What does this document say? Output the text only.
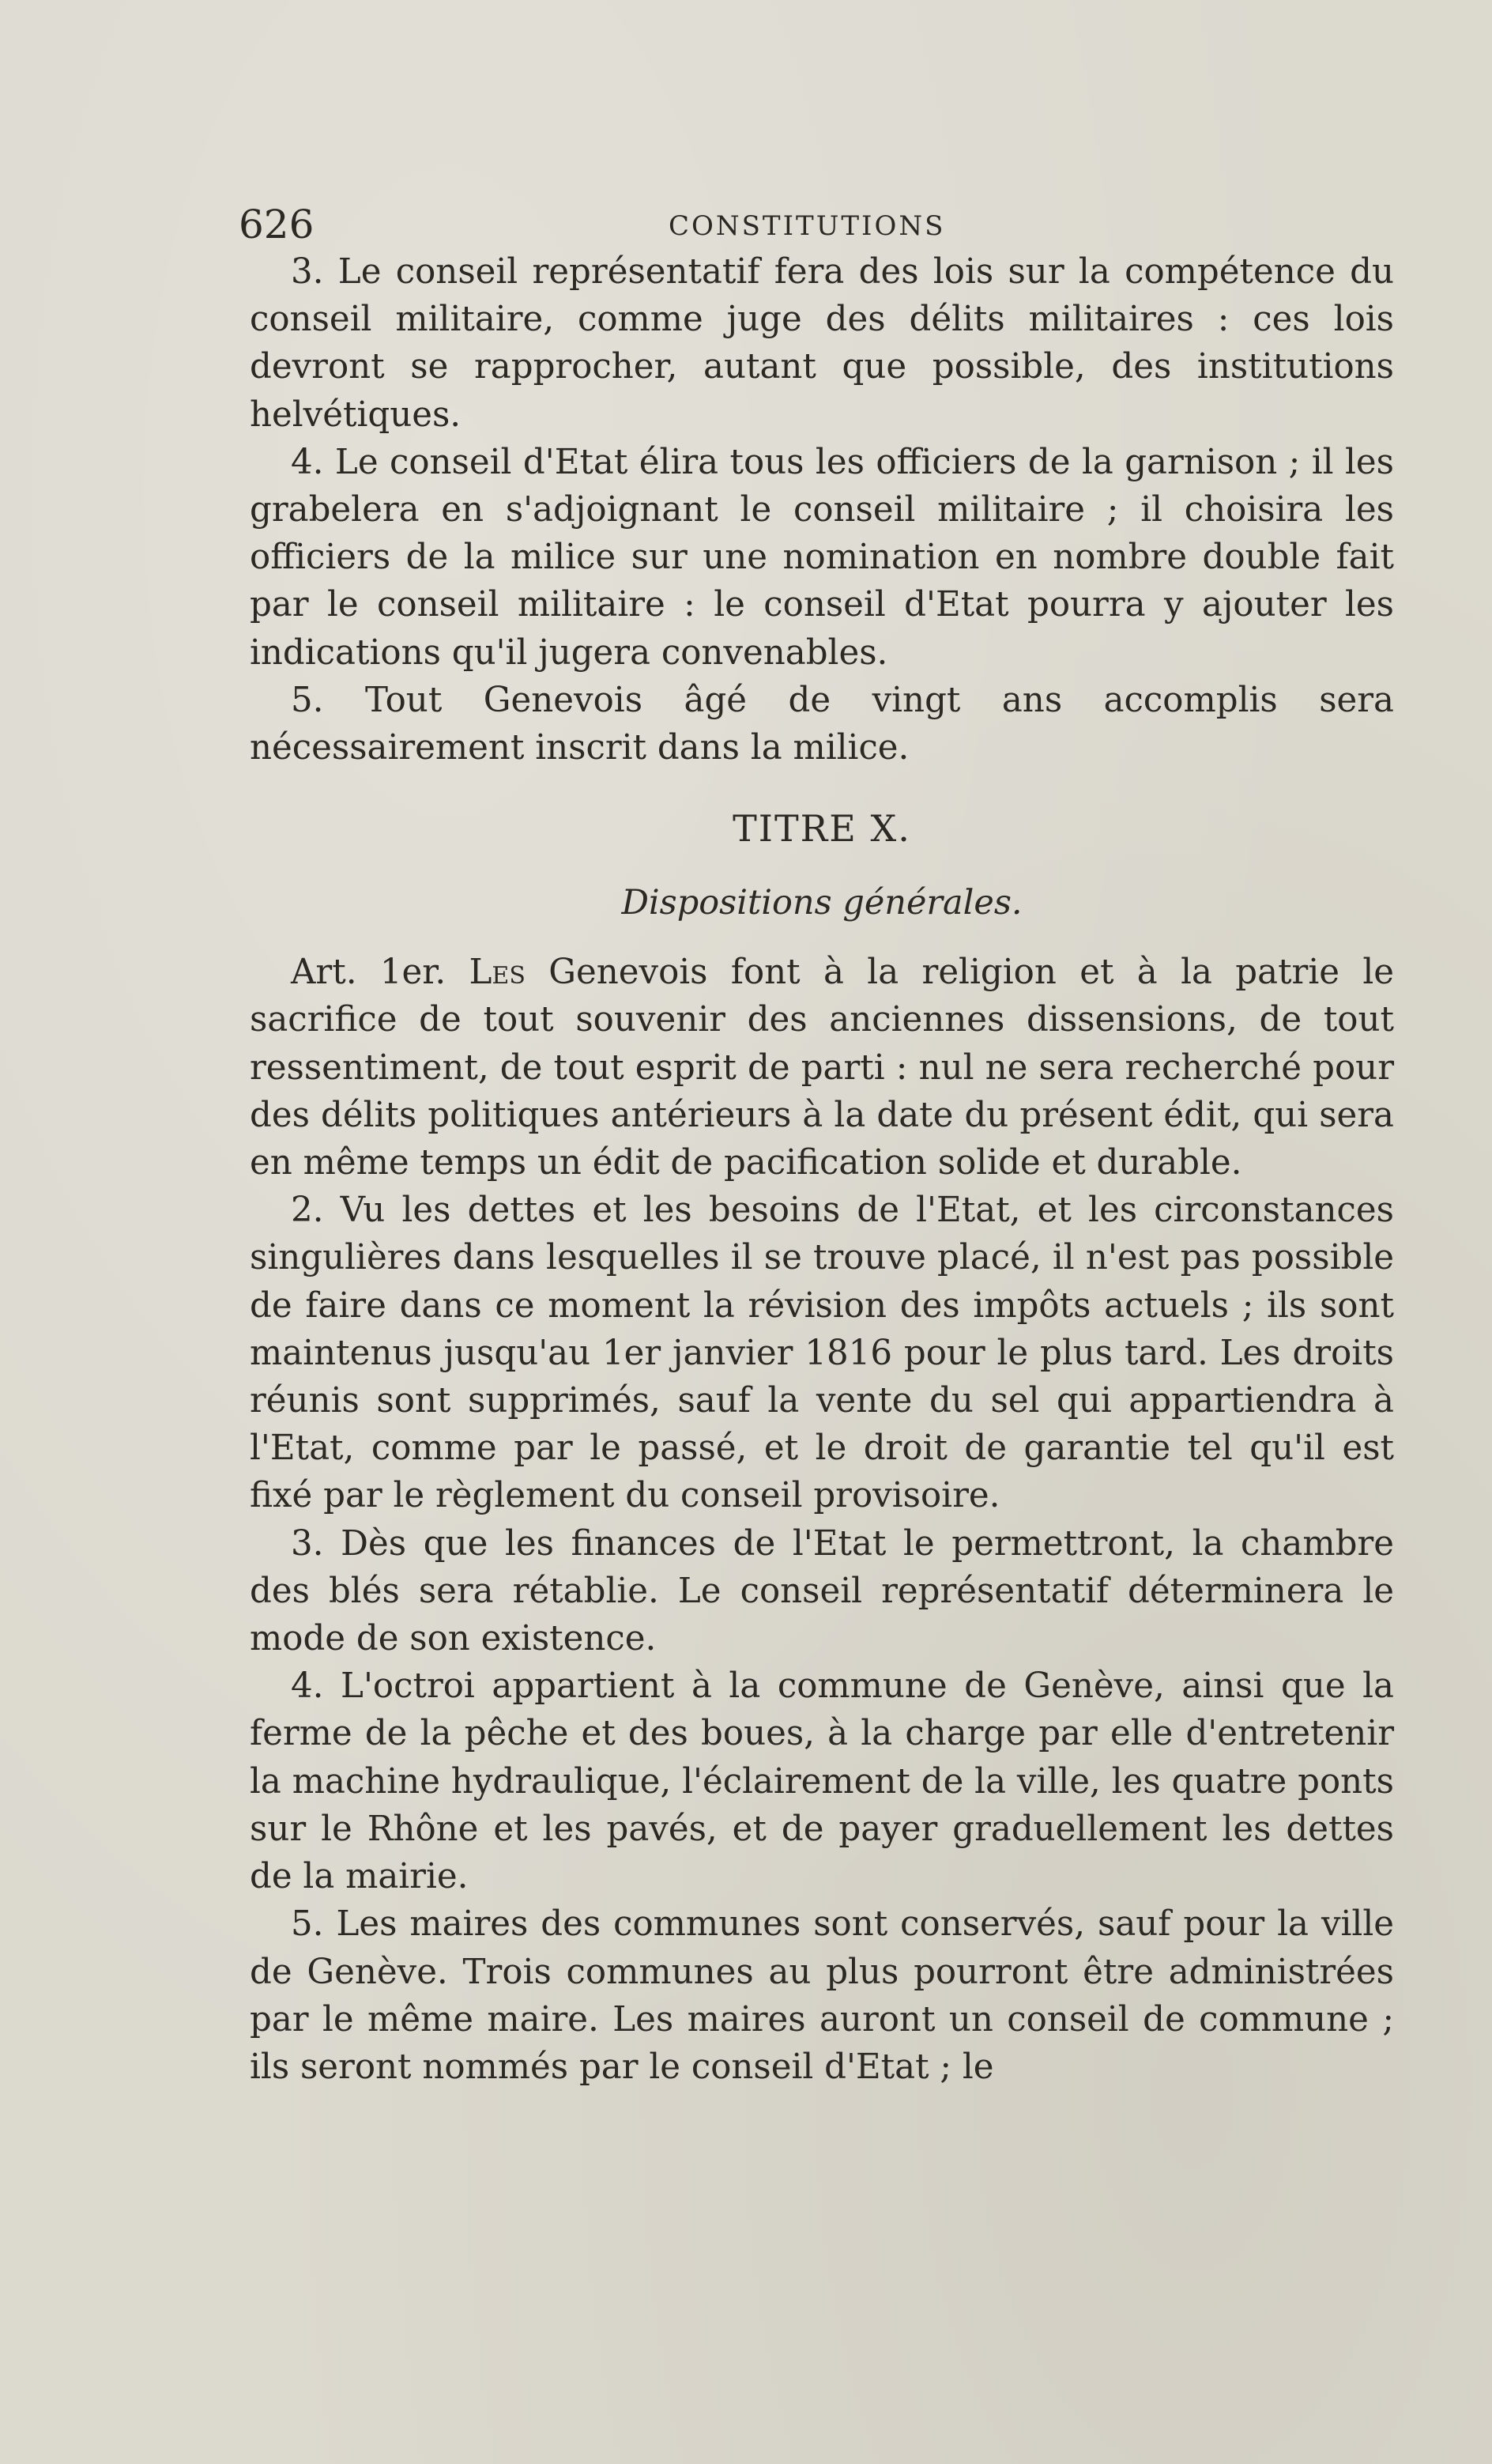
626	CONSTITUTIONS

3. Le conseil représentatif fera des lois sur la compétence du conseil militaire, comme juge des délits militaires : ces lois devront se rapprocher, autant que possible, des institutions helvétiques.

4. Le conseil d'Etat élira tous les officiers de la garnison ; il les grabelera en s'adjoignant le conseil militaire ; il choisira les officiers de la milice sur une nomination en nombre double fait par le conseil militaire : le conseil d'Etat pourra y ajouter les indications qu'il jugera convenables.

5. Tout Genevois âgé de vingt ans accomplis sera nécessairement inscrit dans la milice.

TITRE X.
Dispositions générales.

Art. 1er. Les Genevois font à la religion et à la patrie le sacrifice de tout souvenir des anciennes dissensions, de tout ressentiment, de tout esprit de parti : nul ne sera recherché pour des délits politiques antérieurs à la date du présent édit, qui sera en même temps un édit de pacification solide et durable.

2. Vu les dettes et les besoins de l'Etat, et les circonstances singulières dans lesquelles il se trouve placé, il n'est pas possible de faire dans ce moment la révision des impôts actuels ; ils sont maintenus jusqu'au 1er janvier 1816 pour le plus tard. Les droits réunis sont supprimés, sauf la vente du sel qui appartiendra à l'Etat, comme par le passé, et le droit de garantie tel qu'il est fixé par le règlement du conseil provisoire.

3. Dès que les finances de l'Etat le permettront, la chambre des blés sera rétablie. Le conseil représentatif déterminera le mode de son existence.

4. L'octroi appartient à la commune de Genève, ainsi que la ferme de la pêche et des boues, à la charge par elle d'entretenir la machine hydraulique, l'éclairement de la ville, les quatre ponts sur le Rhône et les pavés, et de payer graduellement les dettes de la mairie.

5. Les maires des communes sont conservés, sauf pour la ville de Genève. Trois communes au plus pourront être administrées par le même maire. Les maires auront un conseil de commune ; ils seront nommés par le conseil d'Etat ; le
